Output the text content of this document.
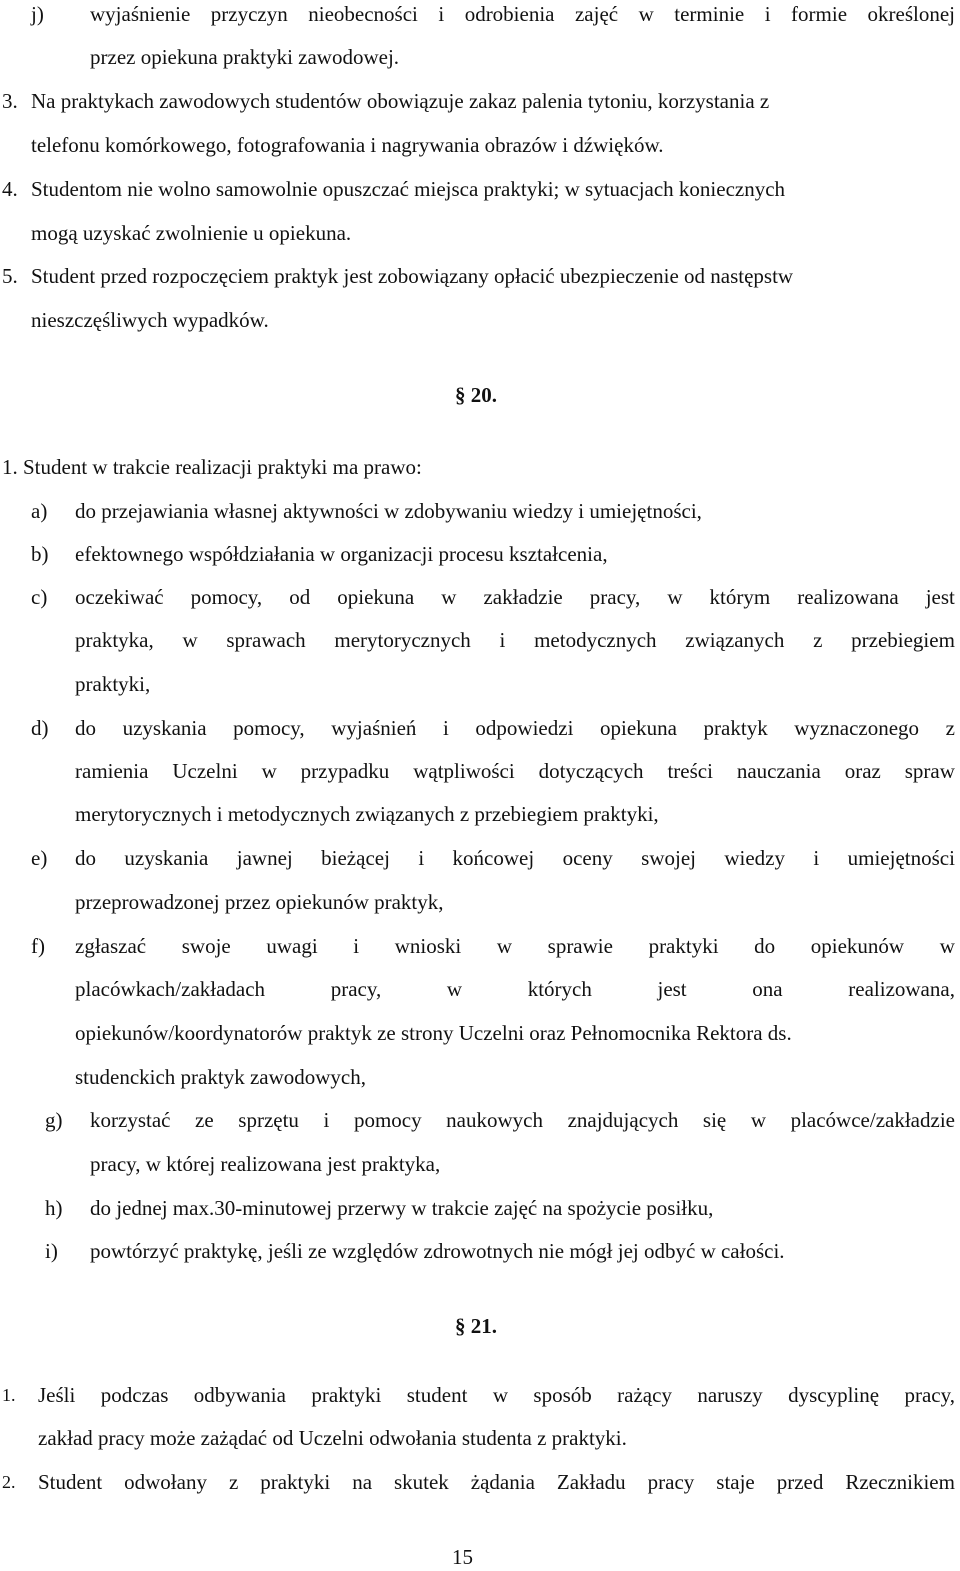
j) wyjaśnienie przyczyn nieobecności i odrobienia zajęć w terminie i formie określonej
przez opiekuna praktyki zawodowej.
3. Na praktykach zawodowych studentów obowiązuje zakaz palenia tytoniu, korzystania z
telefonu komórkowego, fotografowania i nagrywania obrazów i dźwięków.
4. Studentom nie wolno samowolnie opuszczać miejsca praktyki; w sytuacjach koniecznych
mogą uzyskać zwolnienie u opiekuna.
5. Student przed rozpoczęciem praktyk jest zobowiązany opłacić ubezpieczenie od następstw
nieszczęśliwych wypadków.
§ 20.
1. Student w trakcie realizacji praktyki ma prawo:
a) do przejawiania własnej aktywności w zdobywaniu wiedzy i umiejętności,
b) efektownego współdziałania w organizacji procesu kształcenia,
c) oczekiwać pomocy, od opiekuna w zakładzie pracy, w którym realizowana jest
praktyka, w sprawach merytorycznych i metodycznych związanych z przebiegiem
praktyki,
d) do uzyskania pomocy, wyjaśnień i odpowiedzi opiekuna praktyk wyznaczonego z
ramienia Uczelni w przypadku wątpliwości dotyczących treści nauczania oraz spraw
merytorycznych i metodycznych związanych z przebiegiem praktyki,
e) do uzyskania jawnej bieżącej i końcowej oceny swojej wiedzy i umiejętności
przeprowadzonej przez opiekunów praktyk,
f) zgłaszać swoje uwagi i wnioski w sprawie praktyki do opiekunów w
placówkach/zakładach	pracy,	w	których	jest	ona	realizowana,
opiekunów/koordynatorów praktyk ze strony Uczelni oraz Pełnomocnika Rektora ds.
studenckich praktyk zawodowych,
g) korzystać ze sprzętu i pomocy naukowych znajdujących się w placówce/zakładzie
pracy, w której realizowana jest praktyka,
h) do jednej max.30-minutowej przerwy w trakcie zajęć na spożycie posiłku,
i) powtórzyć praktykę, jeśli ze względów zdrowotnych nie mógł jej odbyć w całości.
§ 21.
1. Jeśli podczas odbywania praktyki student w sposób rażący naruszy dyscyplinę pracy,
zakład pracy może zażądać od Uczelni odwołania studenta z praktyki.
2. Student odwołany z praktyki na skutek żądania Zakładu pracy staje przed Rzecznikiem
15
